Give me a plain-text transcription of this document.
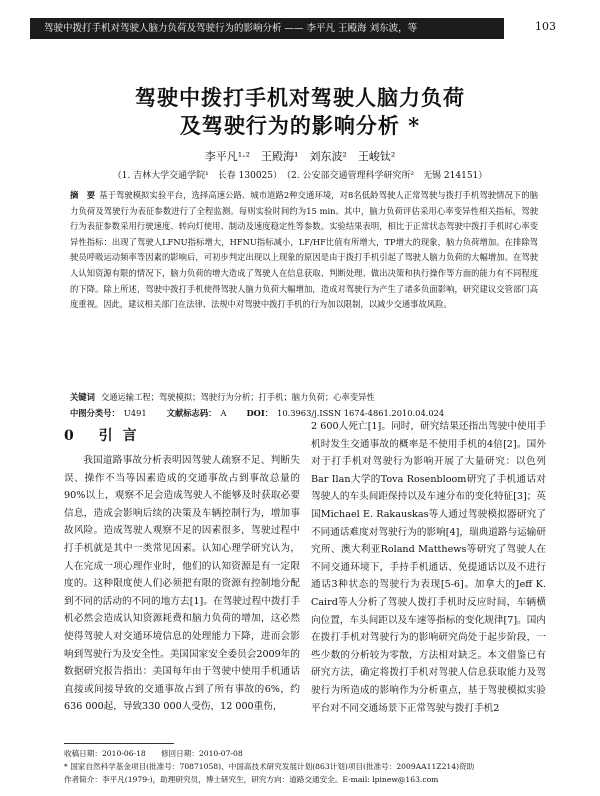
驾驶中拨打手机对驾驶人脑力负荷及驾驶行为的影响分析 —— 李平凡 王殿海 刘东波，等	103
驾驶中拨打手机对驾驶人脑力负荷
及驾驶行为的影响分析 *
李平凡¹·²　王殿海¹　刘东波²　王峻钛²
（1. 吉林大学交通学院¹　长春 130025）　（2. 公安部交通管理科学研究所²　无锡 214151）
摘　要 基于驾驶模拟实验平台，选择高速公路、城市道路2种交通环境，对8名低龄驾驶人正常驾驶与拨打手机驾驶情况下的脑力负荷及驾驶行为表征参数进行了全程监测。每则实验时间约为15 min。其中，脑力负荷评估采用心率变异性相关指标，驾驶行为表征参数采用行驶速度、转向灯使用、制动及速度稳定性等参数。实验结果表明，相比于正常状态驾驶中拨打手机时心率变异性指标：出现了驾驶人LFNU指标增大，HFNU指标减小，LF/HF比值有所增大，TP增大的现象，脑力负荷增加。在排除驾驶员呼吸运动频率等因素的影响后，可初步判定出现以上现象的原因是由于拨打手机引起了驾驶人脑力负荷的大幅增加。在驾驶人认知资源有限的情况下，脑力负荷的增大造成了驾驶人在信息获取、判断处理、做出决策和执行操作等方面的能力有不同程度的下降。除上所述，驾驶中拨打手机使得驾驶人脑力负荷大幅增加，造成对驾驶行为产生了诸多负面影响，研究建议交管部门高度重视。因此，建议相关部门在法律、法规中对驾驶中拨打手机的行为加以限制，以减少交通事故风险。
关键词 交通运输工程；驾驶模拟；驾驶行为分析；打手机；脑力负荷；心率变异性
中图分类号： U491 文献标志码： A DOI： 10.3963/j.ISSN 1674-4861.2010.04.024
0 引言
我国道路事故分析表明因驾驶人疏察不足、判断失误、操作不当等因素造成的交通事故占到事故总量的90%以上，观察不足会造成驾驶人不能够及时获取必要信息，造成会影响后续的决策及车辆控制行为，增加事故风险。造成驾驶人观察不足的因素很多，驾驶过程中打手机就是其中一类常见因素。认知心理学研究认为，人在完成一项心理作业时，他们的认知资源是有一定限度的。这种限度使人们必须把有限的资源有控制地分配到不同的活动的不同的地方去[1]。在驾驶过程中拨打手机必然会造成认知资源耗费和脑力负荷的增加，这必然使得驾驶人对交通环境信息的处理能力下降，进而会影响到驾驶行为及安全性。美国国家安全委员会2009年的数据研究报告指出：美国每年由于驾驶中使用手机通话直接或间接导致的交通事故占到了所有事故的6%，约636 000起，导致330 000人受伤，12 000重伤，
2 600人死亡[1]。同时，研究结果还指出驾驶中使用手机时发生交通事故的概率是不使用手机的4倍[2]。国外对于打手机对驾驶行为影响开展了大量研究：以色列Bar Ilan大学的Tova Rosenbloom研究了手机通话对驾驶人的车头间距保持以及车速分布的变化特征[3]；英国Michael E. Rakauskas等人通过驾驶模拟器研究了不同通话难度对驾驶行为的影响[4]，瑞典道路与运输研究所、澳大利亚Roland Matthews等研究了驾驶人在不同交通环境下，手持手机通话、免提通话以及不进行通话3种状态的驾驶行为表现[5-6]。加拿大的Jeff K. Caird等人分析了驾驶人拨打手机时反应时间，车辆横向位置，车头间距以及车速等指标的变化规律[7]。国内在拨打手机对驾驶行为的影响研究尚处于起步阶段，一些少数的分析较为零散，方法相对缺乏。本文借鉴已有研究方法，确定将拨打手机对驾驶人信息获取能力及驾驶行为所造成的影响作为分析重点，基于驾驶模拟实验平台对不同交通场景下正常驾驶与拨打手机2
收稿日期：2010-06-18　　修回日期：2010-07-08
* 国家自然科学基金项目(批准号：70871058)、中国高技术研究发展计划(863计划)项目(批准号：2009AA11Z214)资助
作者简介：李平凡(1979-)，助理研究员，博士研究生，研究方向：道路交通安全。E-mail: lpinew@163.com
